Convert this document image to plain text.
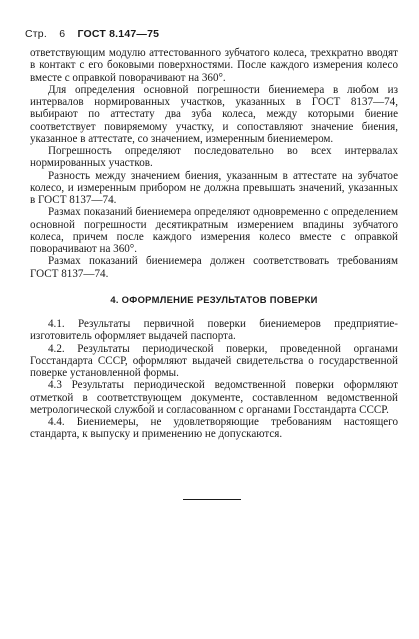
Стр. 6 ГОСТ 8.147—75

ответствующим модулю аттестованного зубчатого колеса, трехкратно вводят в контакт с его боковыми поверхностями. После каждого измерения колесо вместе с оправкой поворачивают на 360°.

Для определения основной погрешности биениемера в любом из интервалов нормированных участков, указанных в ГОСТ 8137—74, выбирают по аттестату два зуба колеса, между которыми биение соответствует повиряемому участку, и сопоставляют значение биения, указанное в аттестате, со значением, измеренным биениемером.

Погрешность определяют последовательно во всех интервалах нормированных участков.

Разность между значением биения, указанным в аттестате на зубчатое колесо, и измеренным прибором не должна превышать значений, указанных в ГОСТ 8137—74.

Размах показаний биениемера определяют одновременно с определением основной погрешности десятикратным измерением впадины зубчатого колеса, причем после каждого измерения колесо вместе с оправкой поворачивают на 360°.

Размах показаний биениемера должен соответствовать требованиям ГОСТ 8137—74.

4. ОФОРМЛЕНИЕ РЕЗУЛЬТАТОВ ПОВЕРКИ

4.1. Результаты первичной поверки биениемеров предприятие-изготовитель оформляет выдачей паспорта.

4.2. Результаты периодической поверки, проведенной органами Госстандарта СССР, оформляют выдачей свидетельства о государственной поверке установленной формы.

4.3 Результаты периодической ведомственной поверки оформляют отметкой в соответствующем документе, составленном ведомственной метрологической службой и согласованном с органами Госстандарта СССР.

4.4. Биениемеры, не удовлетворяющие требованиям настоящего стандарта, к выпуску и применению не допускаются.
